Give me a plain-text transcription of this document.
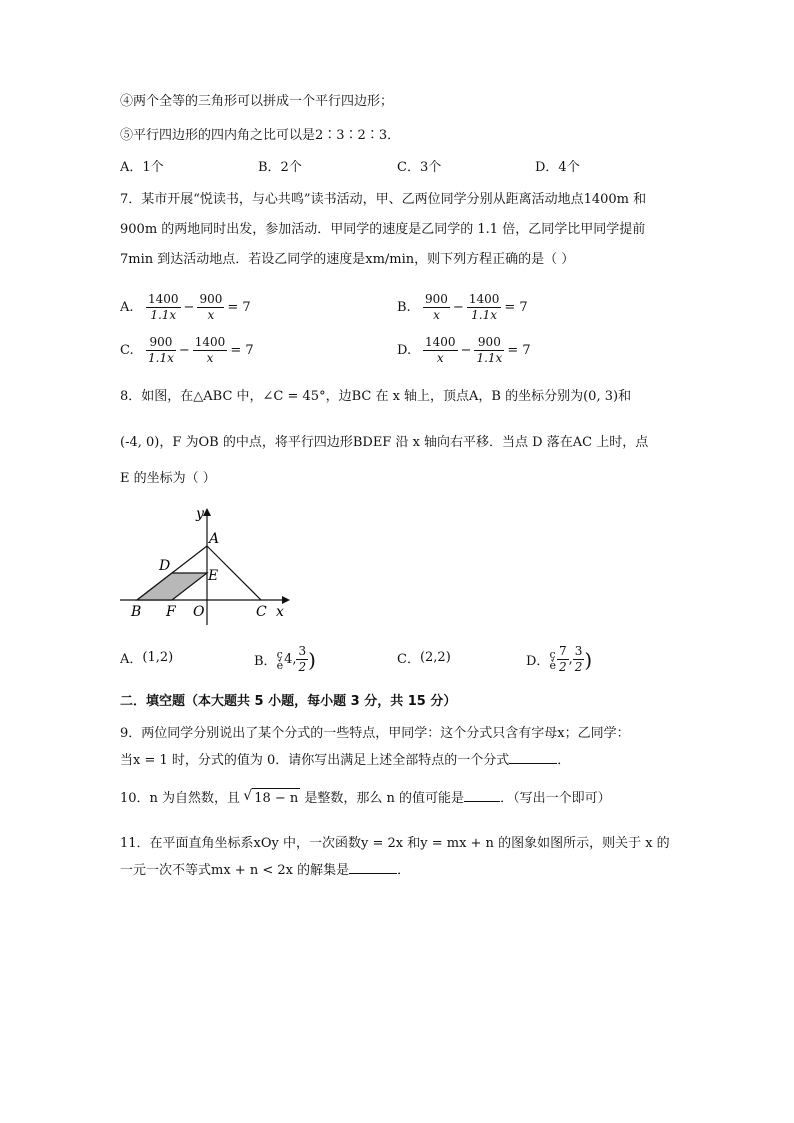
④两个全等的三角形可以拼成一个平行四边形；
⑤平行四边形的四内角之比可以是2∶3∶2∶3．
A．1个	B．2个	C．3个	D．4个
7．某市开展“悦读书，与心共鸣”读书活动，甲、乙两位同学分别从距离活动地点1400m 和
900m 的两地同时出发，参加活动．甲同学的速度是乙同学的 1.1 倍，乙同学比甲同学提前
7min 到达活动地点．若设乙同学的速度是xm/min，则下列方程正确的是（ ）
A.	$\frac{1400}{1.1x} - \frac{900}{x} = 7$	B.	$\frac{900}{x} - \frac{1400}{1.1x} = 7$
C.	$\frac{900}{1.1x} - \frac{1400}{x} = 7$	D. $\frac{1400}{x} - \frac{900}{1.1x} = 7$
8．如图，在△ABC 中，∠C = 45°，边BC 在 x 轴上，顶点A，B 的坐标分别为(0, 3)和
(-4, 0)，F 为OB 的中点，将平行四边形BDEF 沿 x 轴向右平移．当点 D 落在AC 上时，点
E 的坐标为（ ）
y
A
D
E
B F O	C x
A． (1,2)	B． ç
è 4, $\frac{3}{2}$ )	C． (2,2)	D． ç
è $\frac{7}{2}$ , $\frac{3}{2}$ )
二．填空题（本大题共 5 小题，每小题 3 分，共 15 分）
9．两位同学分别说出了某个分式的一些特点，甲同学：这个分式只含有字母x；乙同学：
当x = 1 时，分式的值为 0．请你写出满足上述全部特点的一个分式	．
10．n 为自然数，且 √ 18 − n 是整数，那么 n 的值可能是	．（写出一个即可）
11．在平面直角坐标系xOy 中，一次函数y = 2x 和y = mx + n 的图象如图所示，则关于 x 的
一元一次不等式mx + n < 2x 的解集是	．
